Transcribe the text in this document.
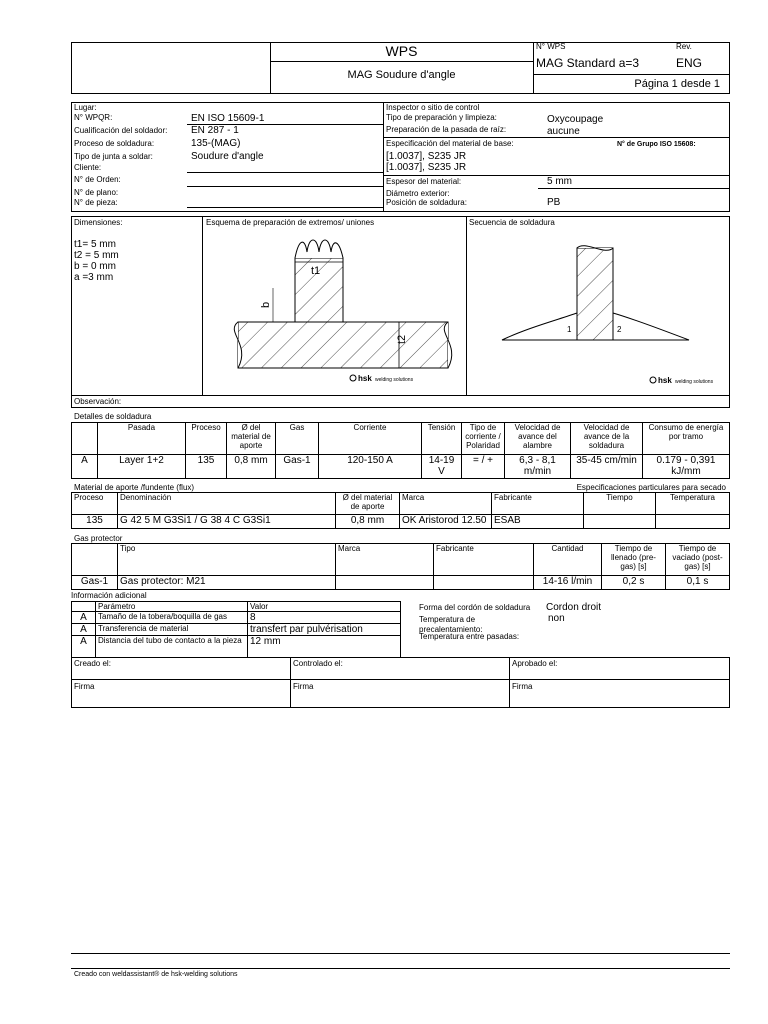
WPS
MAG Soudure d'angle
N° WPS	Rev.
MAG Standard a=3	ENG
Página 1 desde 1
Lugar:
N° WPQR:	EN ISO 15609-1
Cualificación del soldador: EN 287 - 1
Proceso de soldadura:	135-(MAG)
Tipo de junta a soldar:	Soudure d'angle
Cliente:
N° de Orden:
N° de plano:
N° de pieza:
Inspector o sitio de control
Tipo de preparación y limpieza:	Oxycoupage
Preparación de la pasada de raíz:	aucune
Especificación del material de base:	N° de Grupo ISO 15608:
[1.0037], S235 JR
[1.0037], S235 JR
Espesor del material:	5 mm
Diámetro exterior:
Posición de soldadura:	PB
Dimensiones:
t1= 5 mm
t2 = 5 mm
b = 0 mm
a =3 mm
Esquema de preparación de extremos/ uniones	Secuencia de soldadura
t1
b
t2
hsk welding solutions
1	2
hsk welding solutions
Observación:
Detalles de soldadura
	Pasada	Proceso	Ø del material de aporte	Gas	Corriente	Tensión	Tipo de corriente / Polaridad	Velocidad de avance del alambre	Velocidad de avance de la soldadura	Consumo de energía por tramo
A	Layer 1+2	135	0,8 mm	Gas-1	120-150 A	14-19 V	= / +	6,3 - 8,1 m/min	35-45 cm/min	0.179 - 0,391 kJ/mm
Material de aporte /fundente (flux)	Especificaciones particulares para secado
Proceso	Denominación	Ø del material de aporte	Marca	Fabricante	Tiempo	Temperatura
135	G 42 5 M G3Si1 / G 38 4 C G3Si1	0,8 mm	OK Aristorod 12.50	ESAB		
Gas protector
	Tipo	Marca	Fabricante	Cantidad	Tiempo de llenado (pre-gas) [s]	Tiempo de vaciado (post-gas) [s]
Gas-1	Gas protector: M21			14-16 l/min	0,2 s	0,1 s
Información adicional
	Parámetro	Valor
A	Tamaño de la tobera/boquilla de gas	8
A	Transferencia de material	transfert par pulvérisation
A	Distancia del tubo de contacto a la pieza	12 mm
Forma del cordón de soldadura Cordon droit
Temperatura de precalentamiento:
non
Temperatura entre pasadas:
Creado el:	Controlado el:	Aprobado el:
Firma	Firma	Firma
Creado con weldassistant® de hsk-welding solutions
